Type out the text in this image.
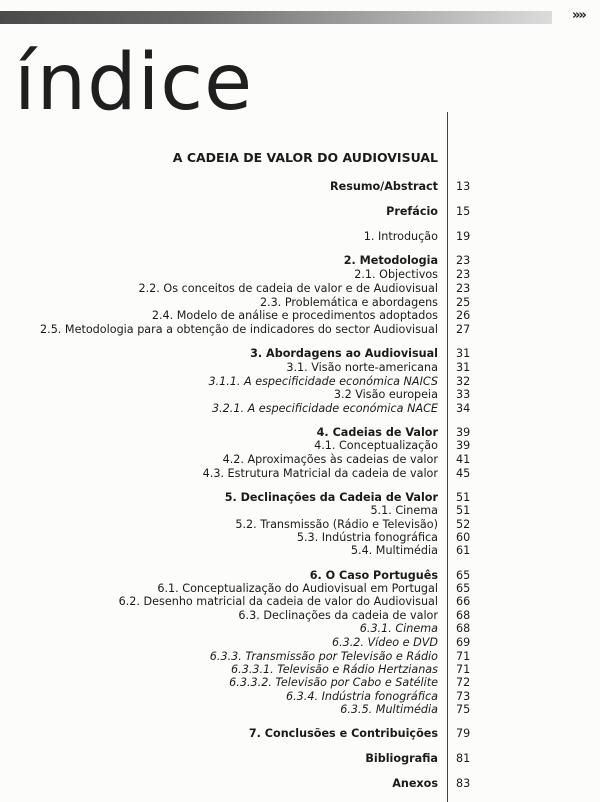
»»
índice
A CADEIA DE VALOR DO AUDIOVISUAL
Resumo/Abstract 13
Prefácio 15
1. Introdução 19
2. Metodologia 23
2.1. Objectivos 23
2.2. Os conceitos de cadeia de valor e de Audiovisual 23
2.3. Problemática e abordagens 25
2.4. Modelo de análise e procedimentos adoptados 26
2.5. Metodologia para a obtenção de indicadores do sector Audiovisual 27
3. Abordagens ao Audiovisual 31
3.1. Visão norte-americana 31
3.1.1. A especificidade económica NAICS 32
3.2 Visão europeia 33
3.2.1. A especificidade económica NACE 34
4. Cadeias de Valor 39
4.1. Conceptualização 39
4.2. Aproximações às cadeias de valor 41
4.3. Estrutura Matricial da cadeia de valor 45
5. Declinações da Cadeia de Valor 51
5.1. Cinema 51
5.2. Transmissão (Rádio e Televisão) 52
5.3. Indústria fonográfica 60
5.4. Multimédia 61
6. O Caso Português 65
6.1. Conceptualização do Audiovisual em Portugal 65
6.2. Desenho matricial da cadeia de valor do Audiovisual 66
6.3. Declinações da cadeia de valor 68
6.3.1. Cinema 68
6.3.2. Vídeo e DVD 69
6.3.3. Transmissão por Televisão e Rádio 71
6.3.3.1. Televisão e Rádio Hertzianas 71
6.3.3.2. Televisão por Cabo e Satélite 72
6.3.4. Indústria fonográfica 73
6.3.5. Multimédia 75
7. Conclusões e Contribuições 79
Bibliografia 81
Anexos 83
